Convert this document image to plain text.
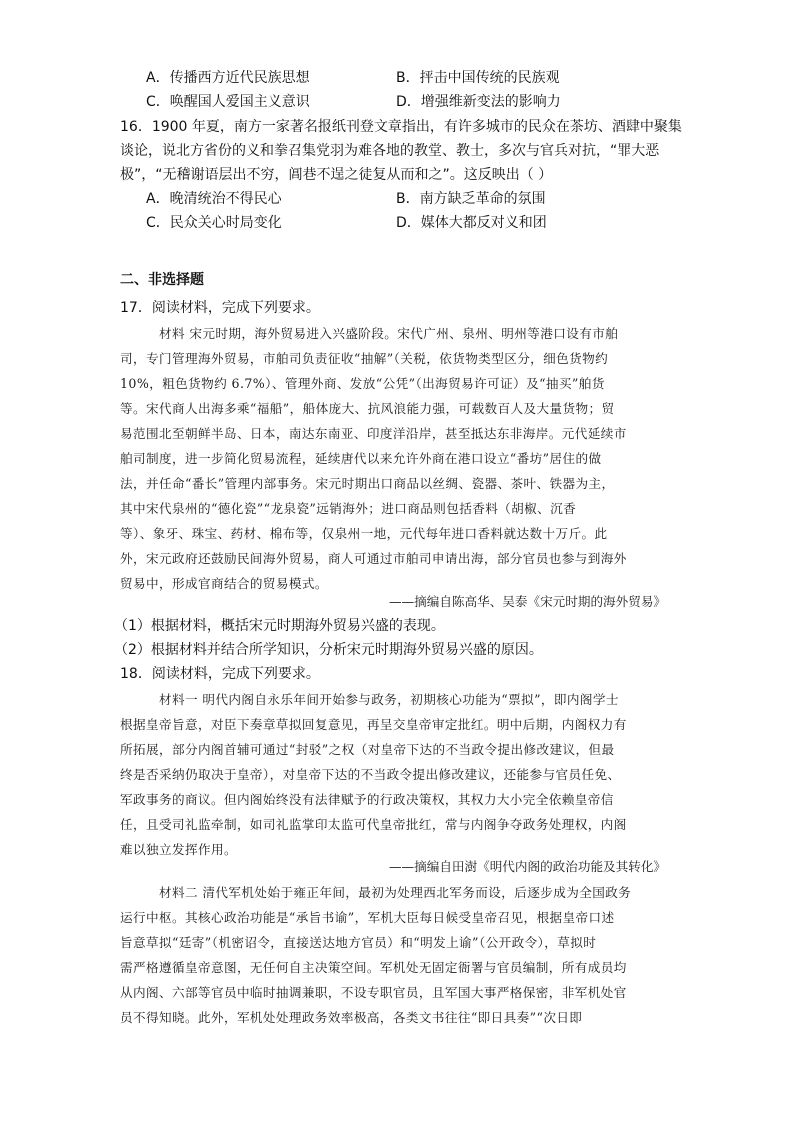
A．传播西方近代民族思想	B．抨击中国传统的民族观
C．唤醒国人爱国主义意识	D．增强维新变法的影响力
16．1900 年夏，南方一家著名报纸刊登文章指出，有许多城市的民众在茶坊、酒肆中聚集
谈论，说北方省份的义和拳召集党羽为难各地的教堂、教士，多次与官兵对抗，“罪大恶
极”，“无稽谢语层出不穷，阊巷不逞之徒复从而和之”。这反映出（ ）
A．晚清统治不得民心	B．南方缺乏革命的氛围
C．民众关心时局变化	D．媒体大都反对义和团
二、非选择题
17．阅读材料，完成下列要求。
材料 宋元时期，海外贸易进入兴盛阶段。宋代广州、泉州、明州等港口设有市舶
司，专门管理海外贸易，市舶司负责征收“抽解”（关税，依货物类型区分，细色货物约
10%，粗色货物约 6.7%）、管理外商、发放“公凭”（出海贸易许可证）及“抽买”舶货
等。宋代商人出海多乘“福船”，船体庞大、抗风浪能力强，可载数百人及大量货物；贸
易范围北至朝鲜半岛、日本，南达东南亚、印度洋沿岸，甚至抵达东非海岸。元代延续市
舶司制度，进一步简化贸易流程，延续唐代以来允许外商在港口设立“番坊”居住的做
法，并任命“番长”管理内部事务。宋元时期出口商品以丝绸、瓷器、茶叶、铁器为主，
其中宋代泉州的“德化瓷”“龙泉瓷”远销海外；进口商品则包括香料（胡椒、沉香
等）、象牙、珠宝、药材、棉布等，仅泉州一地，元代每年进口香料就达数十万斤。此
外，宋元政府还鼓励民间海外贸易，商人可通过市舶司申请出海，部分官员也参与到海外
贸易中，形成官商结合的贸易模式。
——摘编自陈高华、吴泰《宋元时期的海外贸易》
（1）根据材料，概括宋元时期海外贸易兴盛的表现。
（2）根据材料并结合所学知识，分析宋元时期海外贸易兴盛的原因。
18．阅读材料，完成下列要求。
材料一 明代内阁自永乐年间开始参与政务，初期核心功能为“票拟”，即内阁学士
根据皇帝旨意，对臣下奏章草拟回复意见，再呈交皇帝审定批红。明中后期，内阁权力有
所拓展，部分内阁首辅可通过“封驳”之权（对皇帝下达的不当政令提出修改建议，但最
终是否采纳仍取决于皇帝），对皇帝下达的不当政令提出修改建议，还能参与官员任免、
军政事务的商议。但内阁始终没有法律赋予的行政决策权，其权力大小完全依赖皇帝信
任，且受司礼监牵制，如司礼监掌印太监可代皇帝批红，常与内阁争夺政务处理权，内阁
难以独立发挥作用。
——摘编自田澍《明代内阁的政治功能及其转化》
材料二 清代军机处始于雍正年间，最初为处理西北军务而设，后逐步成为全国政务
运行中枢。其核心政治功能是“承旨书谕”，军机大臣每日候受皇帝召见，根据皇帝口述
旨意草拟“廷寄”（机密诏令，直接送达地方官员）和“明发上谕”（公开政令），草拟时
需严格遵循皇帝意图，无任何自主决策空间。军机处无固定衙署与官员编制，所有成员均
从内阁、六部等官员中临时抽调兼职，不设专职官员，且军国大事严格保密，非军机处官
员不得知晓。此外，军机处处理政务效率极高，各类文书往往“即日具奏”“次日即
